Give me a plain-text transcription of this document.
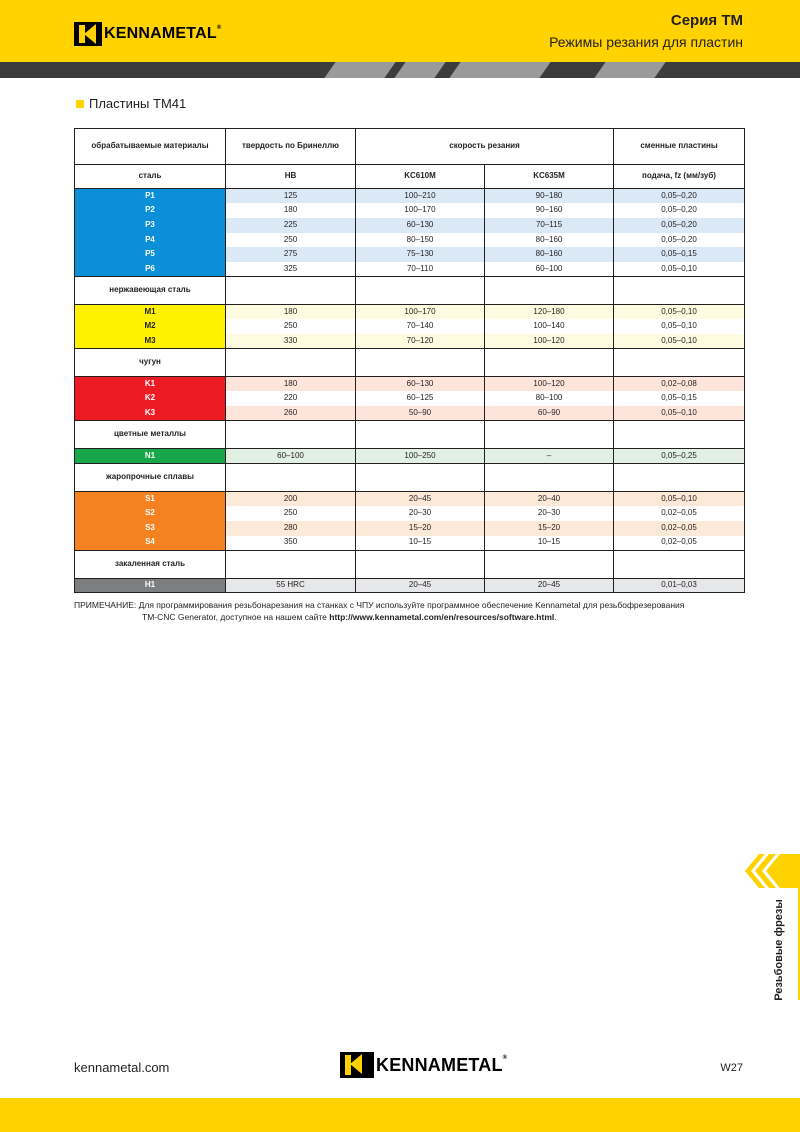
KENNAMETAL®	Серия TM
Режимы резания для пластин
Пластины TM41
обрабатываемые материалы	твердость по Бринеллю	скорость резания		сменные пластины
сталь	HB	KC610M	KC635M	подача, fz (мм/зуб)
P1	125	100–210	90–180	0,05–0,20
P2	180	100–170	90–160	0,05–0,20
P3	225	60–130	70–115	0,05–0,20
P4	250	80–150	80–160	0,05–0,20
P5	275	75–130	80–160	0,05–0,15
P6	325	70–110	60–100	0,05–0,10
нержавеющая сталь				
M1	180	100–170	120–180	0,05–0,10
M2	250	70–140	100–140	0,05–0,10
M3	330	70–120	100–120	0,05–0,10
чугун				
K1	180	60–130	100–120	0,02–0,08
K2	220	60–125	80–100	0,05–0,15
K3	260	50–90	60–90	0,05–0,10
цветные металлы				
N1	60–100	100–250	–	0,05–0,25
жаропрочные сплавы				
S1	200	20–45	20–40	0,05–0,10
S2	250	20–30	20–30	0,02–0,05
S3	280	15–20	15–20	0,02–0,05
S4	350	10–15	10–15	0,02–0,05
закаленная сталь				
H1	55 HRC	20–45	20–45	0,01–0,03
ПРИМЕЧАНИЕ: Для программирования резьбонарезания на станках с ЧПУ используйте программное обеспечение Kennametal для резьбофрезерования
TM-CNC Generator, доступное на нашем сайте http://www.kennametal.com/en/resources/software.html.
Резьбовые фрезы
kennametal.com	KENNAMETAL®
W27
